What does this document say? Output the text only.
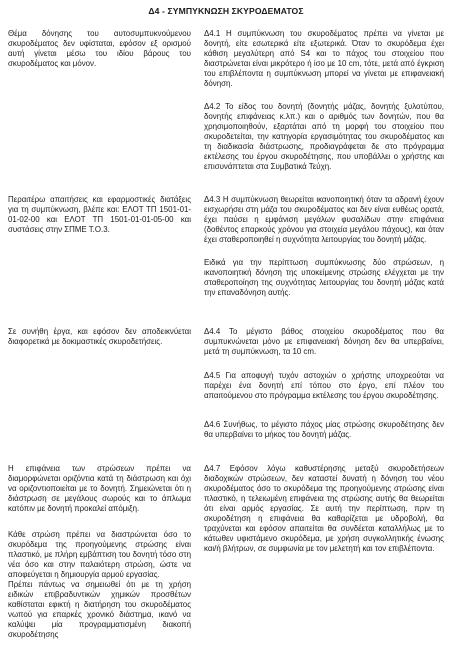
Δ4 - ΣΥΜΠΥΚΝΩΣΗ ΣΚΥΡΟΔΕΜΑΤΟΣ

Θέμα δόνησης του αυτοσυμπυκνούμενου σκυροδέματος δεν υφίσταται, εφόσον εξ ορισμού αυτή γίνεται μέσω του ιδίου βάρους του σκυροδέματος και μόνον.

Περαιτέρω απαιτήσεις και εφαρμοστικές διατάξεις για τη συμπύκνωση, βλέπε και: ΕΛΟΤ ΤΠ 1501-01-01-02-00 και ΕΛΟΤ ΤΠ 1501-01-01-05-00 και συστάσεις στην ΣΠΜΕ Τ.Ο.3.

Σε συνήθη έργα, και εφόσον δεν αποδεικνύεται διαφορετικά με δοκιμαστικές σκυροδετήσεις.

Η επιφάνεια των στρώσεων πρέπει να διαμορφώνεται οριζόντια κατά τη διάστρωση και όχι να οριζοντιοποιείται με το δονητή. Σημειώνεται ότι η διάστρωση σε μεγάλους σωρούς και το άπλωμα κατόπιν με δονητή προκαλεί απόμιξη.

Κάθε στρώση πρέπει να διαστρώνεται όσο το σκυρόδεμα της προηγούμενης στρώσης είναι πλαστικό, με πλήρη εμβάπτιση του δονητή τόσο στη νέα όσο και στην παλαιότερη στρώση, ώστε να αποφεύγεται η δημιουργία αρμού εργασίας.

Πρέπει πάντως να σημειωθεί ότι με τη χρήση ειδικών επιβραδυντικών χημικών προσθέτων καθίσταται εφικτή η διατήρηση του σκυροδέματος νωπού για επαρκές χρονικό διάστημα, ικανό να καλύψει μία προγραμματισμένη διακοπή σκυροδέτησης

Δ4.1 Η συμπύκνωση του σκυροδέματος πρέπει να γίνεται με δονητή, είτε εσωτερικά είτε εξωτερικά. Όταν το σκυρόδεμα έχει κάθιση μεγαλύτερη από S4 και το πάχος του στοιχείου που διαστρώνεται είναι μικρότερο ή ίσο με 10 cm, τότε, μετά από έγκριση του επιβλέποντα η συμπύκνωση μπορεί να γίνεται με επιφανειακή δόνηση.

Δ4.2 Το είδος του δονητή (δονητής μάζας, δονητής ξυλοτύπου, δονητής επιφάνειας κ.λπ.) και ο αριθμός των δονητών, που θα χρησιμοποιηθούν, εξαρτάται από τη μορφή του στοιχείου που σκυροδετείται, την κατηγορία εργασιμότητας του σκυροδέματος και τη διαδικασία διάστρωσης, προδιαγράφεται δε στο πρόγραμμα εκτέλεσης του έργου σκυροδέτησης, που υποβάλλει ο χρήστης και επισυνάπτεται στα Συμβατικά Τεύχη.

Δ4.3 Η συμπύκνωση θεωρείται ικανοποιητική όταν τα αδρανή έχουν εισχωρήσει στη μάζα του σκυροδέματος και δεν είναι ευθέως ορατά, έχει παύσει η εμφάνιση μεγάλων φυσαλίδων στην επιφάνεια (δοθέντος επαρκούς χρόνου για στοιχεία μεγάλου πάχους), και όταν έχει σταθεροποιηθεί η συχνότητα λειτουργίας του δονητή μάζας.

Ειδικά για την περίπτωση συμπύκνωσης δύο στρώσεων, η ικανοποιητική δόνηση της υποκείμενης στρώσης ελέγχεται με την σταθεροποίηση της συχνότητας λειτουργίας του δονητή μάζας κατά την επαναδόνηση αυτής.

Δ4.4 Το μέγιστο βάθος στοιχείου σκυροδέματος που θα συμπυκνώνεται μόνο με επιφανειακή δόνηση δεν θα υπερβαίνει, μετά τη συμπύκνωση, τα 10 cm.

Δ4.5 Για αποφυγή τυχόν αστοχιών ο χρήστης υποχρεούται να παρέχει ένα δονητή επί τόπου στο έργο, επί πλέον του απαιτούμενου στο πρόγραμμα εκτέλεσης του έργου σκυροδέτησης.

Δ4.6 Συνήθως, το μέγιστο πάχος μίας στρώσης σκυροδέτησης δεν θα υπερβαίνει το μήκος του δονητή μάζας.

Δ4.7 Εφόσον λόγω καθυστέρησης μεταξύ σκυροδετήσεων διαδοχικών στρώσεων, δεν καταστεί δυνατή η δόνηση του νέου σκυροδέματος όσο το σκυρόδεμα της προηγούμενης στρώσης είναι πλαστικό, η τελειωμένη επιφάνεια της στρώσης αυτής θα θεωρείται ότι είναι αρμός εργασίας. Σε αυτή την περίπτωση, πριν τη σκυροδέτηση η επιφάνεια θα καθαρίζεται με υδροβολή, θα τραχύνεται και εφόσον απαιτείται θα συνδέεται καταλλήλως με το κάτωθεν υφιστάμενο σκυρόδεμα, με χρήση συγκολλητικής ένωσης και/ή βλήτρων, σε συμφωνία με τον μελετητή και τον επιβλέποντα.
